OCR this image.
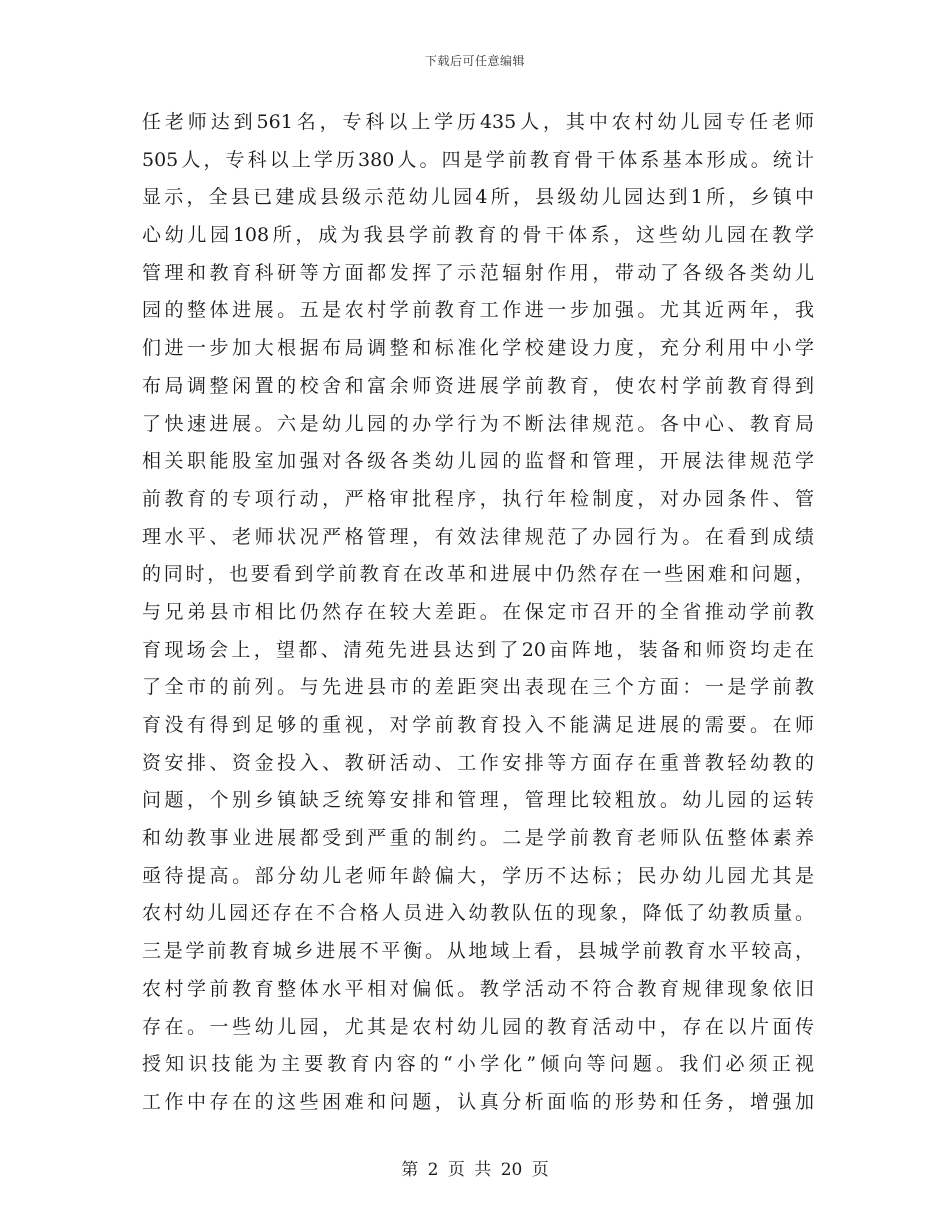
下载后可任意编辑
任老师达到561名，专科以上学历435人，其中农村幼儿园专任老师
505人，专科以上学历380人。四是学前教育骨干体系基本形成。统计
显示，全县已建成县级示范幼儿园4所，县级幼儿园达到1所，乡镇中
心幼儿园108所，成为我县学前教育的骨干体系，这些幼儿园在教学
管理和教育科研等方面都发挥了示范辐射作用，带动了各级各类幼儿
园的整体进展。五是农村学前教育工作进一步加强。尤其近两年，我
们进一步加大根据布局调整和标准化学校建设力度，充分利用中小学
布局调整闲置的校舍和富余师资进展学前教育，使农村学前教育得到
了快速进展。六是幼儿园的办学行为不断法律规范。各中心、教育局
相关职能股室加强对各级各类幼儿园的监督和管理，开展法律规范学
前教育的专项行动，严格审批程序，执行年检制度，对办园条件、管
理水平、老师状况严格管理，有效法律规范了办园行为。在看到成绩
的同时，也要看到学前教育在改革和进展中仍然存在一些困难和问题，
与兄弟县市相比仍然存在较大差距。在保定市召开的全省推动学前教
育现场会上，望都、清苑先进县达到了20亩阵地，装备和师资均走在
了全市的前列。与先进县市的差距突出表现在三个方面：一是学前教
育没有得到足够的重视，对学前教育投入不能满足进展的需要。在师
资安排、资金投入、教研活动、工作安排等方面存在重普教轻幼教的
问题，个别乡镇缺乏统筹安排和管理，管理比较粗放。幼儿园的运转
和幼教事业进展都受到严重的制约。二是学前教育老师队伍整体素养
亟待提高。部分幼儿老师年龄偏大，学历不达标；民办幼儿园尤其是
农村幼儿园还存在不合格人员进入幼教队伍的现象，降低了幼教质量。
三是学前教育城乡进展不平衡。从地域上看，县城学前教育水平较高，
农村学前教育整体水平相对偏低。教学活动不符合教育规律现象依旧
存在。一些幼儿园，尤其是农村幼儿园的教育活动中，存在以片面传
授知识技能为主要教育内容的“小学化”倾向等问题。我们必须正视
工作中存在的这些困难和问题，认真分析面临的形势和任务，增强加
第 2 页 共 20 页
